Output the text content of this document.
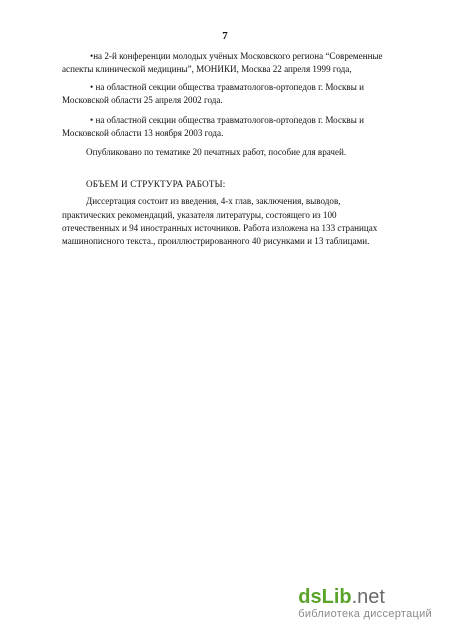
7

•на 2-й конференции молодых учёных Московского региона “Современные
аспекты клинической медицины”, МОНИКИ, Москва 22 апреля 1999 года,

• на областной секции общества травматологов-ортопедов г. Москвы и
Московской области 25 апреля 2002 года.

• на областной секции общества травматологов-ортопедов г. Москвы и
Московской области 13 ноября 2003 года.

Опубликовано по тематике 20 печатных работ, пособие для врачей.

ОБЪЕМ И СТРУКТУРА РАБОТЫ:

Диссертация состоит из введения, 4-х глав, заключения, выводов,
практических рекомендаций, указателя литературы, состоящего из 100
отечественных и 94 иностранных источников. Работа изложена на 133 страницах
машинописного текста., проиллюстрированного 40 рисунками и 13 таблицами.

dsLib.net
библиотека диссертаций
